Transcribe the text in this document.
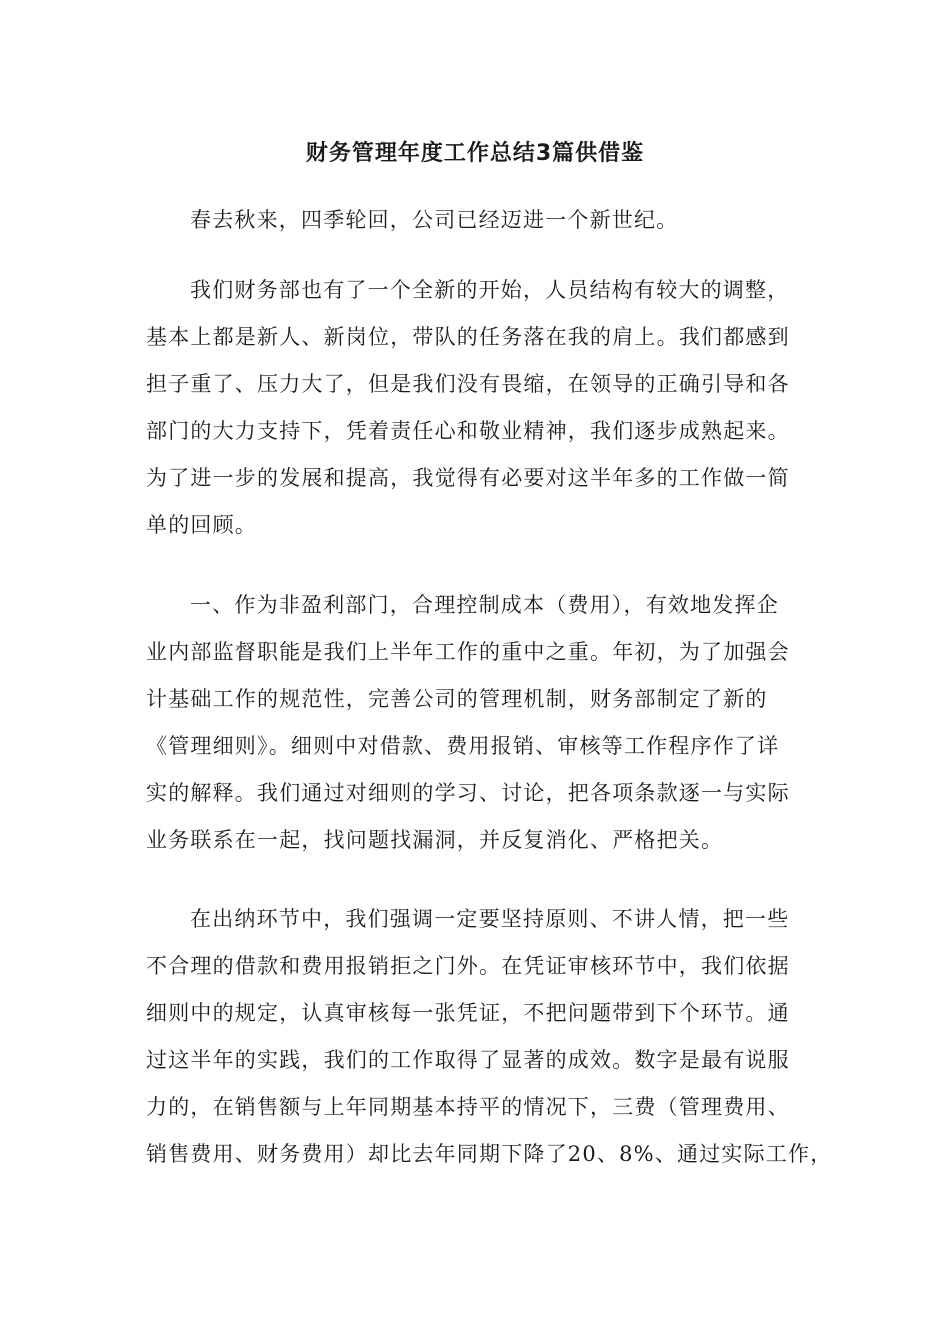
财务管理年度工作总结3篇供借鉴
春去秋来，四季轮回，公司已经迈进一个新世纪。
我们财务部也有了一个全新的开始，人员结构有较大的调整，
基本上都是新人、新岗位，带队的任务落在我的肩上。我们都感到
担子重了、压力大了，但是我们没有畏缩，在领导的正确引导和各
部门的大力支持下，凭着责任心和敬业精神，我们逐步成熟起来。
为了进一步的发展和提高，我觉得有必要对这半年多的工作做一简
单的回顾。
一、作为非盈利部门，合理控制成本（费用），有效地发挥企
业内部监督职能是我们上半年工作的重中之重。年初，为了加强会
计基础工作的规范性，完善公司的管理机制，财务部制定了新的
《管理细则》。细则中对借款、费用报销、审核等工作程序作了详
实的解释。我们通过对细则的学习、讨论，把各项条款逐一与实际
业务联系在一起，找问题找漏洞，并反复消化、严格把关。
在出纳环节中，我们强调一定要坚持原则、不讲人情，把一些
不合理的借款和费用报销拒之门外。在凭证审核环节中，我们依据
细则中的规定，认真审核每一张凭证，不把问题带到下个环节。通
过这半年的实践，我们的工作取得了显著的成效。数字是最有说服
力的，在销售额与上年同期基本持平的情况下，三费（管理费用、
销售费用、财务费用）却比去年同期下降了20、8%、通过实际工作，
